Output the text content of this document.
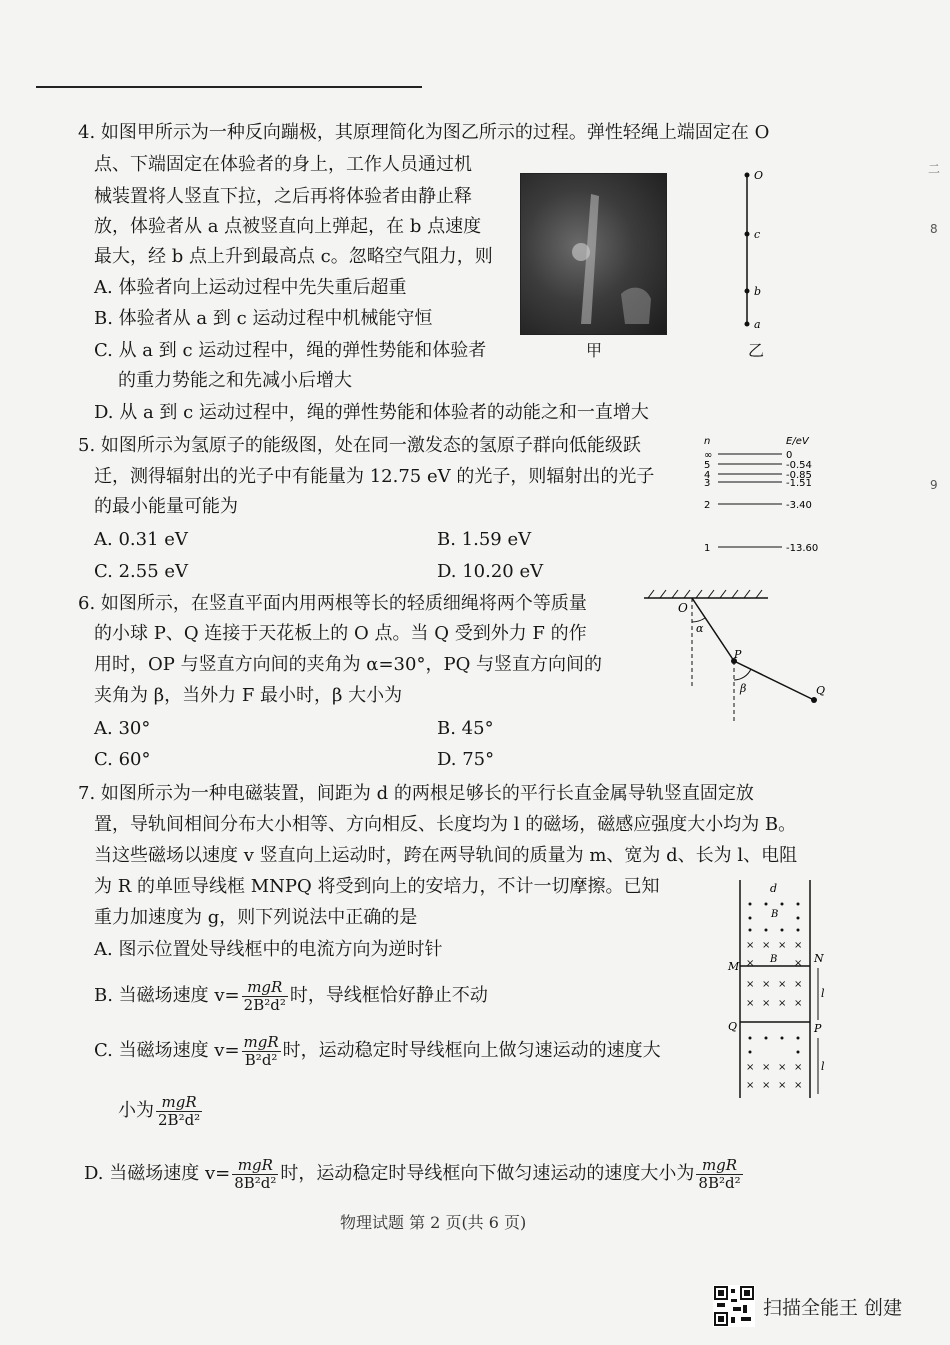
二
8
9
4. 如图甲所示为一种反向蹦极，其原理简化为图乙所示的过程。弹性轻绳上端固定在 O
点、下端固定在体验者的身上，工作人员通过机
械装置将人竖直下拉，之后再将体验者由静止释
放，体验者从 a 点被竖直向上弹起，在 b 点速度
最大，经 b 点上升到最高点 c。忽略空气阻力，则
A. 体验者向上运动过程中先失重后超重
B. 体验者从 a 到 c 运动过程中机械能守恒
C. 从 a 到 c 运动过程中，绳的弹性势能和体验者
的重力势能之和先减小后增大
D. 从 a 到 c 运动过程中，绳的弹性势能和体验者的动能之和一直增大
甲
O
c
b
a
乙
5. 如图所示为氢原子的能级图，处在同一激发态的氢原子群向低能级跃
迁，测得辐射出的光子中有能量为 12.75 eV 的光子，则辐射出的光子
的最小能量可能为
A. 0.31 eV	B. 1.59 eV
C. 2.55 eV	D. 10.20 eV
n	E/eV
∞	0
5	-0.54
4	-0.85
3	-1.51
2	-3.40
1	-13.60
6. 如图所示，在竖直平面内用两根等长的轻质细绳将两个等质量
的小球 P、Q 连接于天花板上的 O 点。当 Q 受到外力 F 的作
用时，OP 与竖直方向间的夹角为 α=30°，PQ 与竖直方向间的
夹角为 β，当外力 F 最小时，β 大小为
A. 30°	B. 45°
C. 60°	D. 75°
O
α
P
β	Q
7. 如图所示为一种电磁装置，间距为 d 的两根足够长的平行长直金属导轨竖直固定放
置，导轨间相间分布大小相等、方向相反、长度均为 l 的磁场，磁感应强度大小均为 B。
当这些磁场以速度 v 竖直向上运动时，跨在两导轨间的质量为 m、宽为 d、长为 l、电阻
为 R 的单匝导线框 MNPQ 将受到向上的安培力，不计一切摩擦。已知
重力加速度为 g，则下列说法中正确的是
A. 图示位置处导线框中的电流方向为逆时针
B. 当磁场速度 $v= \frac{\text{mgR}}{\text{2B²d²}}$ 时，导线框恰好静止不动
C. 当磁场速度 $v= \frac{\text{mgR}}{\text{B²d²}}$ 时，运动稳定时导线框向上做匀速运动的速度大
小为 $\frac{\text{mgR}}{\text{2B²d²}}$
D. 当磁场速度 $v= \frac{\text{mgR}}{\text{8B²d²}}$ 时，运动稳定时导线框向下做匀速运动的速度大小为 $\frac{\text{mgR}}{\text{8B²d²}}$
d
B
× × × ×
×	×
× × × ×
× × × ×
B
M
N
Q	P
l
× × × ×
× × × ×
l
物理试题 第 2 页(共 6 页)
扫描全能王 创建
